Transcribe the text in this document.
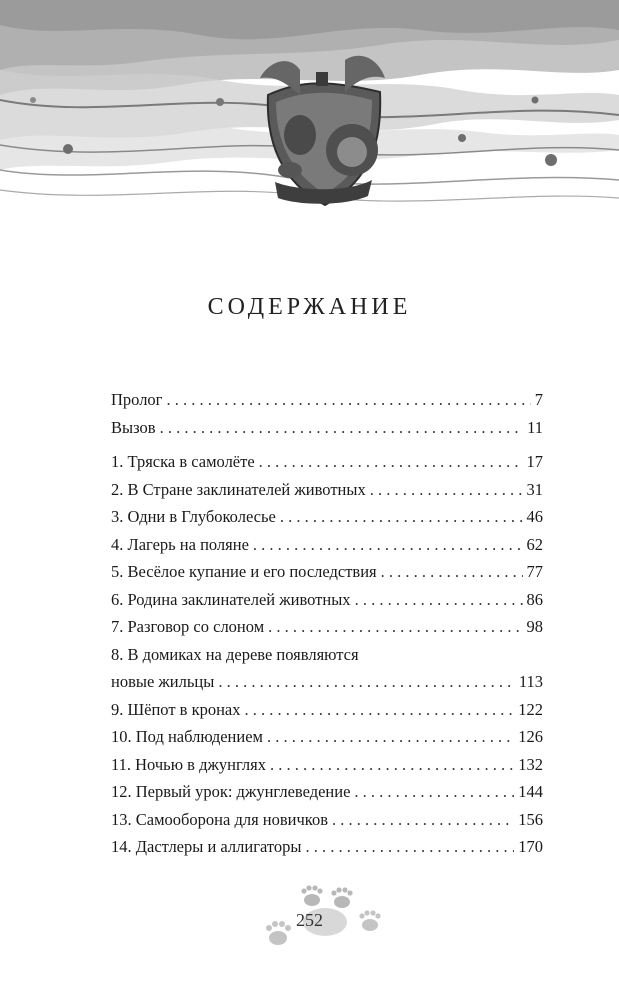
СОДЕРЖАНИЕ
Пролог . . .	7
Вызов . . .	11
1. Тряска в самолёте . . .	17
2. В Стране заклинателей животных . . .	31
3. Одни в Глубоколесье . . .	46
4. Лагерь на поляне . . .	62
5. Весёлое купание и его последствия . . .	77
6. Родина заклинателей животных . . .	86
7. Разговор со слоном . . .	98
8. В домиках на дереве появляются
новые жильцы . . .	113
9. Шёпот в кронах . . .	122
10. Под наблюдением . . .	126
11. Ночью в джунглях . . .	132
12. Первый урок: джунглеведение . . .	144
13. Самооборона для новичков . . .	156
14. Дастлеры и аллигаторы . . .	170
252
